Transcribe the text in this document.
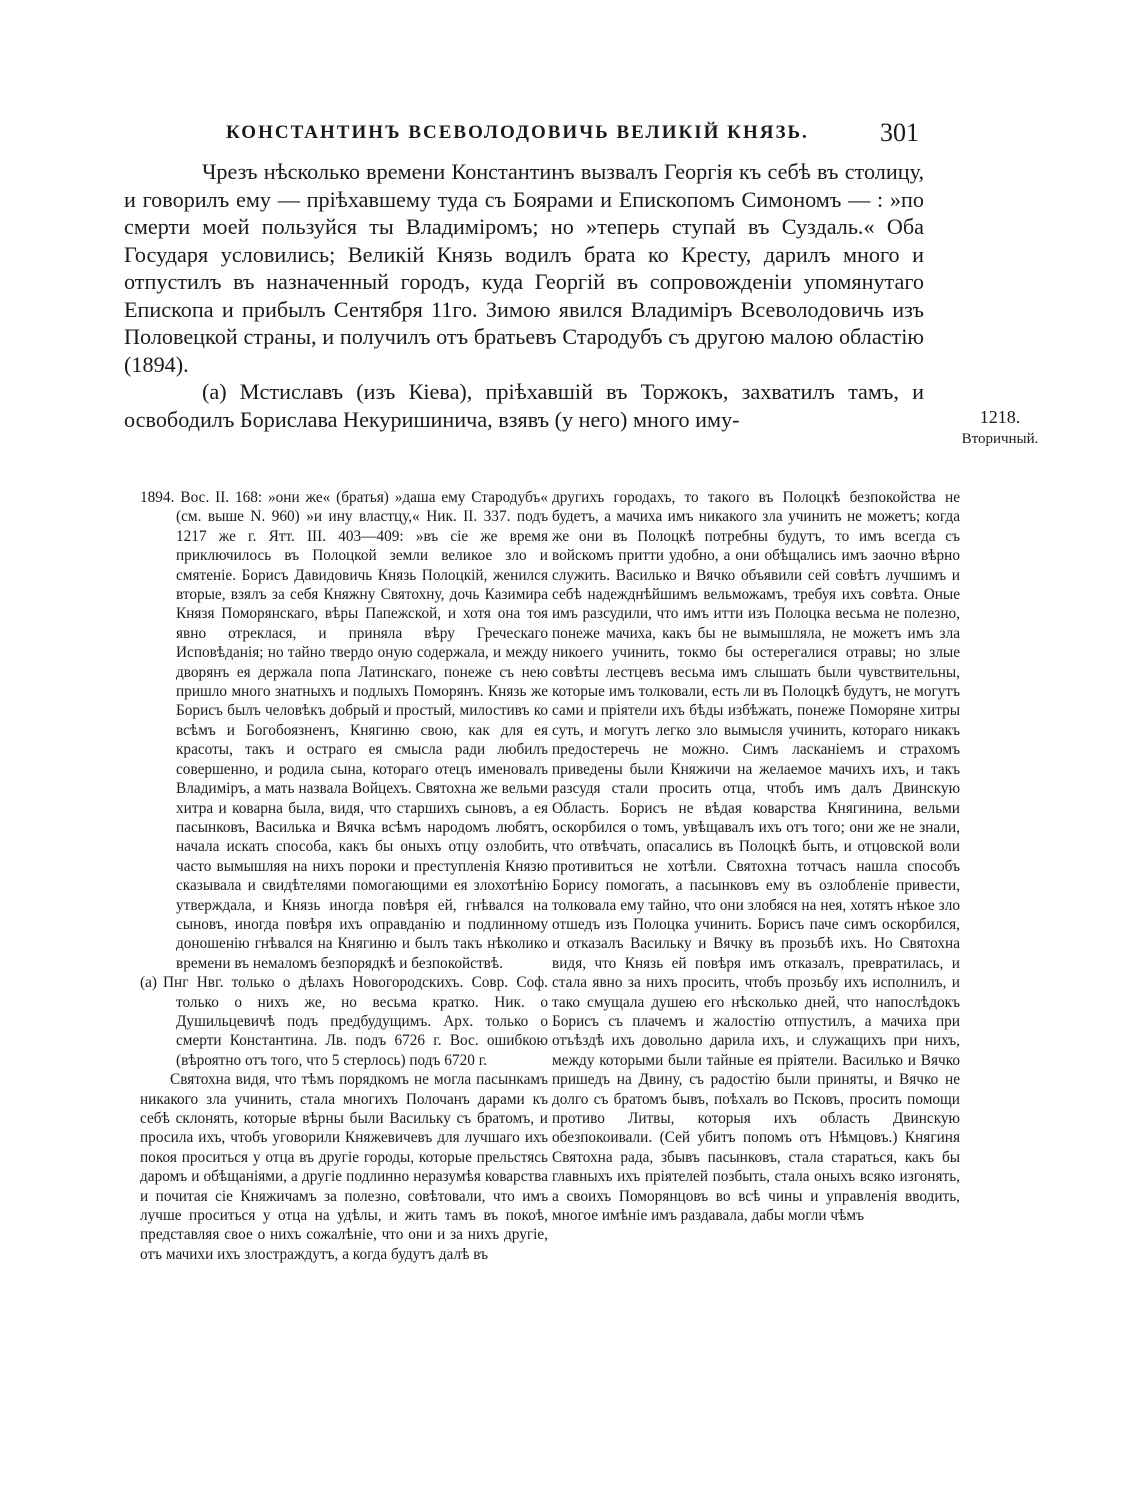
КОНСТАНТИНЪ ВСЕВОЛОДОВИЧЬ ВЕЛИКІЙ КНЯЗЬ.	301

Чрезъ нѣсколько времени Константинъ вызвалъ Георгія къ себѣ въ столицу, и говорилъ ему — пріѣхавшему туда съ Боярами и Епископомъ Симономъ — : »по смерти моей пользуйся ты Владиміромъ; но »теперь ступай въ Суздаль.« Оба Государя условились; Великій Князь водилъ брата ко Кресту, дарилъ много и отпустилъ въ назначенный городъ, куда Георгій въ сопровожденіи упомянутаго Епископа и прибылъ Сентября 11го. Зимою явился Владиміръ Всеволодовичь изъ Половецкой страны, и получилъ отъ братьевъ Стародубъ съ другою малою областію (1894).

(а) Мстиславъ (изъ Кіева), пріѣхавшій въ Торжокъ, захватилъ тамъ, и освободилъ Борислава Некуришинича, взявъ (у него) много иму-	1218.
Вторичный.

1894. Вос. II. 168: »они же« (братья) »даша ему Стародубъ« (см. выше N. 960) »и ину властцу,« Ник. II. 337. подъ 1217 же г. Ятт. III. 403—409: »въ сіе же время приключилось въ Полоцкой земли великое зло и смятеніе. Борисъ Давидовичь Князь Полоцкій, женился вторые, взялъ за себя Княжну Святохну, дочь Казимира Князя Поморянскаго, вѣры Папежской, и хотя она тоя явно отреклася, и приняла вѣру Греческаго Исповѣданія; но тайно твердо оную содержала, и между дворянъ ея держала попа Латинскаго, понеже съ нею пришло много знатныхъ и подлыхъ Поморянъ. Князь же Борисъ былъ человѣкъ добрый и простый, милостивъ ко всѣмъ и Богобоязненъ, Княгиню свою, как для ея красоты, такъ и остраго ея смысла ради любилъ совершенно, и родила сына, котораго отецъ именовалъ Владиміръ, а мать назвала Войцехъ. Святохна же вельми хитра и коварна была, видя, что старшихъ сыновъ, а ея пасынковъ, Василька и Вячка всѣмъ народомъ любятъ, начала искать способа, какъ бы оныхъ отцу озлобить, часто вымышляя на нихъ пороки и преступленія Князю сказывала и свидѣтелями помогающими ея злохотѣнію утверждала, и Князь иногда повѣря ей, гнѣвался на сыновъ, иногда повѣря ихъ оправданію и подлинному доношенію гнѣвался на Княгиню и былъ такъ нѣколико времени въ немаломъ безпорядкѣ и безпокойствѣ.

(а) Пнг Нвг. только о дѣлахъ Новогородскихъ. Совр. Соф. только о нихъ же, но весьма кратко. Ник. о Душильцевичѣ подъ предбудущимъ. Арх. только о смерти Константина. Лв. подъ 6726 г. Вос. ошибкою (вѣроятно отъ того, что 5 стерлось) подъ 6720 г.

Святохна видя, что тѣмъ порядкомъ не могла пасынкамъ никакого зла учинить, стала многихъ Полочанъ дарами къ себѣ склонять, которые вѣрны были Васильку съ братомъ, и просила ихъ, чтобъ уговорили Княжевичевъ для лучшаго ихъ покоя проситься у отца въ другіе городы, которые прельстясь даромъ и обѣщаніями, а другіе подлинно неразумѣя коварства и почитая сіе Княжичамъ за полезно, совѣтовали, что имъ лучше проситься у отца на удѣлы, и жить тамъ въ покоѣ, представляя свое о нихъ сожалѣніе, что они и за нихъ другіе, отъ мачихи ихъ злостраждутъ, а когда будутъ далѣ въ

другихъ городахъ, то такого въ Полоцкѣ безпокойства не будетъ, а мачиха имъ никакого зла учинить не можетъ; когда же они въ Полоцкѣ потребны будутъ, то имъ всегда съ войскомъ притти удобно, а они обѣщались имъ заочно вѣрно служить. Василько и Вячко объявили сей совѣтъ лучшимъ и себѣ надежднѣйшимъ вельможамъ, требуя ихъ совѣта. Оные имъ разсудили, что имъ итти изъ Полоцка весьма не полезно, понеже мачиха, какъ бы не вымышляла, не можетъ имъ зла никоего учинить, токмо бы остерегалися отравы; но злые совѣты лестцевъ весьма имъ слышать были чувствительны, которые имъ толковали, есть ли въ Полоцкѣ будутъ, не могутъ сами и пріятели ихъ бѣды избѣжать, понеже Поморяне хитры суть, и могутъ легко зло вымысля учинить, котораго никакъ предостеречь не можно. Симъ ласканіемъ и страхомъ приведены были Княжичи на желаемое мачихъ ихъ, и такъ разсудя стали просить отца, чтобъ имъ далъ Двинскую Область. Борисъ не вѣдая коварства Княгинина, вельми оскорбился о томъ, увѣщавалъ ихъ отъ того; они же не знали, что отвѣчать, опасались въ Полоцкѣ быть, и отцовской воли противиться не хотѣли. Святохна тотчасъ нашла способъ Борису помогать, а пасынковъ ему въ озлобленіе привести, толковала ему тайно, что они злобяся на нея, хотятъ нѣкое зло отшедъ изъ Полоцка учинить. Борисъ паче симъ оскорбился, и отказалъ Васильку и Вячку въ прозьбѣ ихъ. Но Святохна видя, что Князь ей повѣря имъ отказалъ, превратилась, и стала явно за нихъ просить, чтобъ прозьбу ихъ исполнилъ, и тако смущала душею его нѣсколько дней, что напослѣдокъ Борисъ съ плачемъ и жалостію отпустилъ, а мачиха при отъѣздѣ ихъ довольно дарила ихъ, и служащихъ при нихъ, между которыми были тайные ея пріятели. Василько и Вячко пришедъ на Двину, съ радостію были приняты, и Вячко не долго съ братомъ бывъ, поѣхалъ во Псковъ, просить помощи противо Литвы, которыя ихъ область Двинскую обезпокоивали. (Сей убитъ попомъ отъ Нѣмцовъ.) Княгиня Святохна рада, збывъ пасынковъ, стала стараться, какъ бы главныхъ ихъ пріятелей позбыть, стала оныхъ всяко изгонять, а своихъ Поморянцовъ во всѣ чины и управленія вводить, многое имѣніе имъ раздавала, дабы могли чѣмъ
